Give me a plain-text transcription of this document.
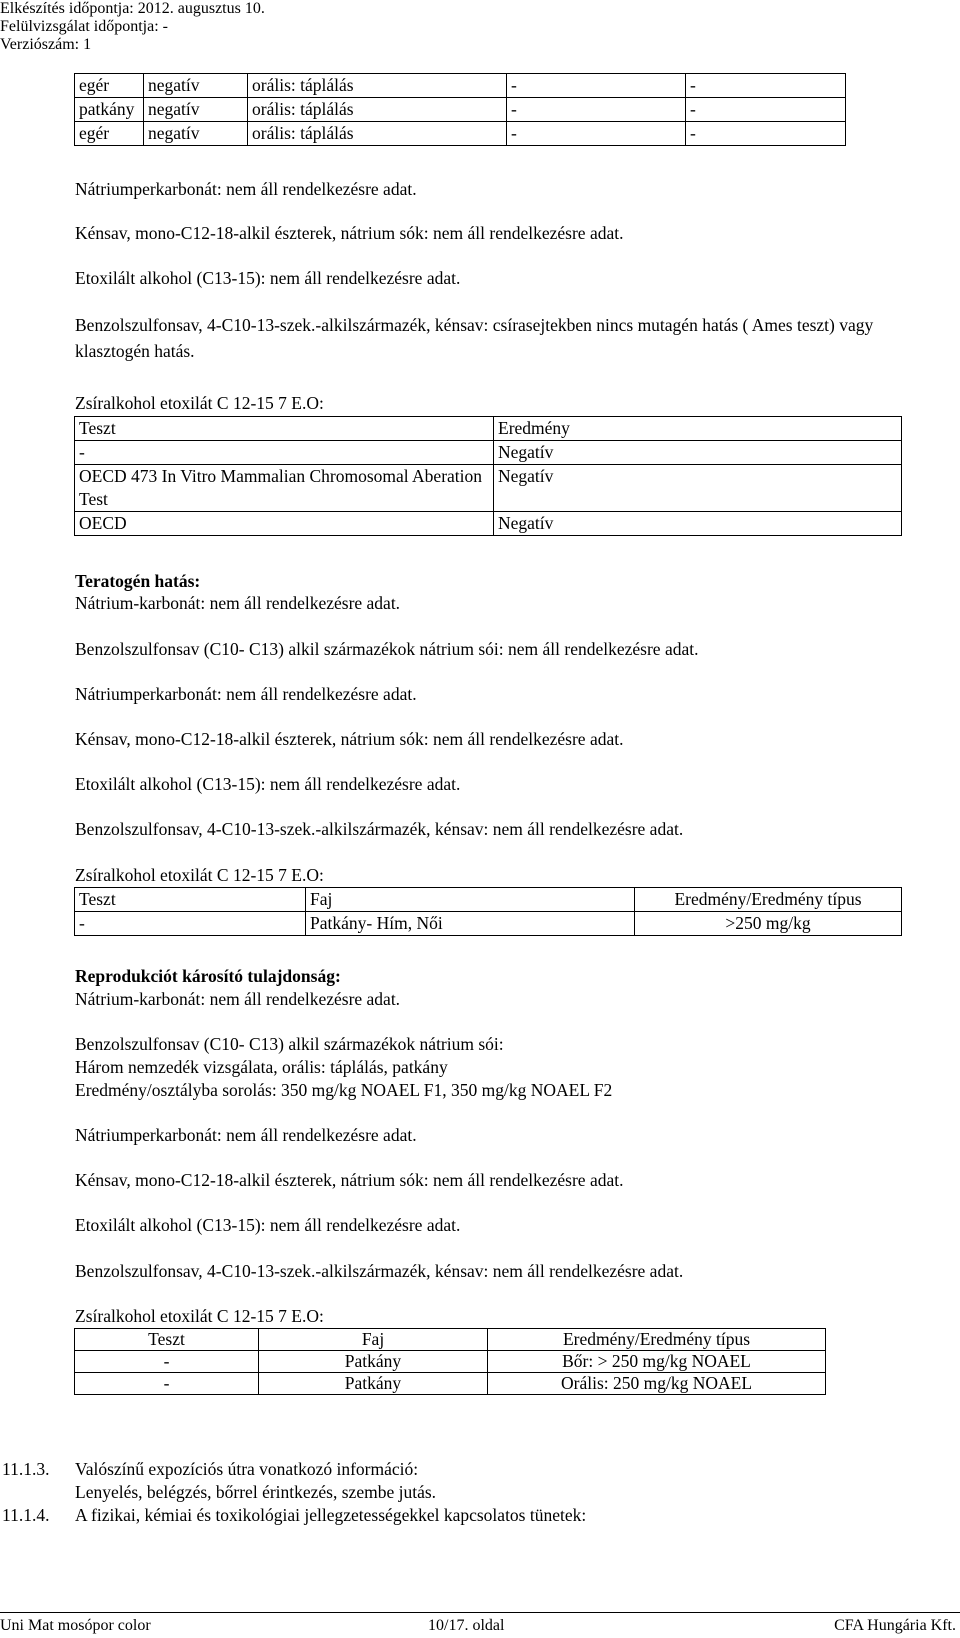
Elkészítés időpontja: 2012. augusztus 10.
Felülvizsgálat időpontja: -
Verziószám: 1
egér	negatív	orális: táplálás	-	-
patkány	negatív	orális: táplálás	-	-
egér	negatív	orális: táplálás	-	-
Nátriumperkarbonát: nem áll rendelkezésre adat.
Kénsav, mono-C12-18-alkil észterek, nátrium sók: nem áll rendelkezésre adat.
Etoxilált alkohol (C13-15): nem áll rendelkezésre adat.
Benzolszulfonsav, 4-C10-13-szek.-alkilszármazék, kénsav: csírasejtekben nincs mutagén hatás ( Ames teszt) vagy klasztogén hatás.
Zsíralkohol etoxilát C 12-15 7 E.O:
Teszt	Eredmény
-	Negatív
OECD 473 In Vitro Mammalian Chromosomal Aberation Test	Negatív
OECD	Negatív
Teratogén hatás:
Nátrium-karbonát: nem áll rendelkezésre adat.
Benzolszulfonsav (C10- C13) alkil származékok nátrium sói: nem áll rendelkezésre adat.
Nátriumperkarbonát: nem áll rendelkezésre adat.
Kénsav, mono-C12-18-alkil észterek, nátrium sók: nem áll rendelkezésre adat.
Etoxilált alkohol (C13-15): nem áll rendelkezésre adat.
Benzolszulfonsav, 4-C10-13-szek.-alkilszármazék, kénsav: nem áll rendelkezésre adat.
Zsíralkohol etoxilát C 12-15 7 E.O:
Teszt	Faj	Eredmény/Eredmény típus
-	Patkány- Hím, Női	>250 mg/kg
Reprodukciót károsító tulajdonság:
Nátrium-karbonát: nem áll rendelkezésre adat.
Benzolszulfonsav (C10- C13) alkil származékok nátrium sói:
Három nemzedék vizsgálata, orális: táplálás, patkány
Eredmény/osztályba sorolás: 350 mg/kg NOAEL F1, 350 mg/kg NOAEL F2
Nátriumperkarbonát: nem áll rendelkezésre adat.
Kénsav, mono-C12-18-alkil észterek, nátrium sók: nem áll rendelkezésre adat.
Etoxilált alkohol (C13-15): nem áll rendelkezésre adat.
Benzolszulfonsav, 4-C10-13-szek.-alkilszármazék, kénsav: nem áll rendelkezésre adat.
Zsíralkohol etoxilát C 12-15 7 E.O:
Teszt	Faj	Eredmény/Eredmény típus
-	Patkány	Bőr: > 250 mg/kg NOAEL
-	Patkány	Orális: 250 mg/kg NOAEL
11.1.3. Valószínű expozíciós útra vonatkozó információ:
Lenyelés, belégzés, bőrrel érintkezés, szembe jutás.
11.1.4. A fizikai, kémiai és toxikológiai jellegzetességekkel kapcsolatos tünetek:
Uni Mat mosópor color	10/17. oldal	CFA Hungária Kft.
